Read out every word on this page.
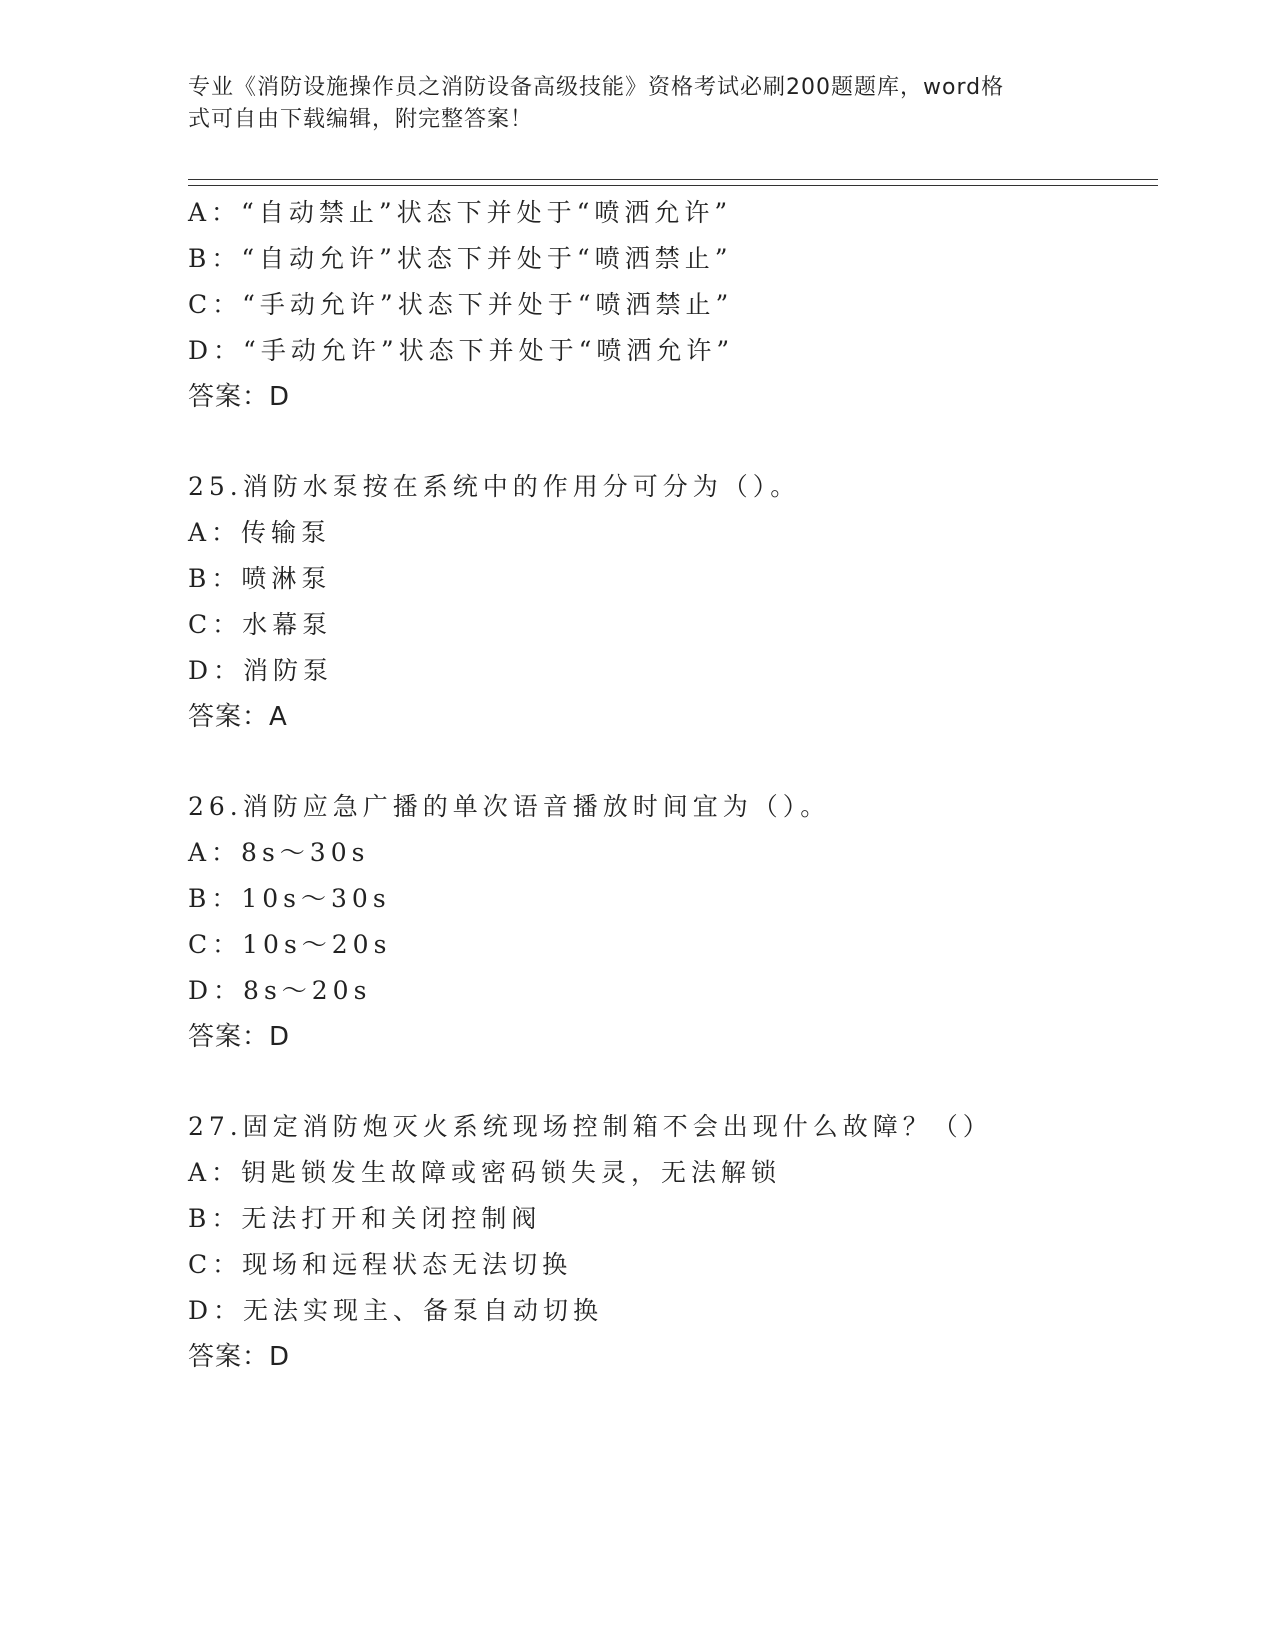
专业《消防设施操作员之消防设备高级技能》资格考试必刷200题题库，word格
式可自由下载编辑，附完整答案！
A：“自动禁止”状态下并处于“喷洒允许”
B：“自动允许”状态下并处于“喷洒禁止”
C：“手动允许”状态下并处于“喷洒禁止”
D：“手动允许”状态下并处于“喷洒允许”
答案：D
25.消防水泵按在系统中的作用分可分为（）。
A：传输泵
B：喷淋泵
C：水幕泵
D：消防泵
答案：A
26.消防应急广播的单次语音播放时间宜为（）。
A：8s～30s
B：10s～30s
C：10s～20s
D：8s～20s
答案：D
27.固定消防炮灭火系统现场控制箱不会出现什么故障？（）
A：钥匙锁发生故障或密码锁失灵，无法解锁
B：无法打开和关闭控制阀
C：现场和远程状态无法切换
D：无法实现主、备泵自动切换
答案：D
